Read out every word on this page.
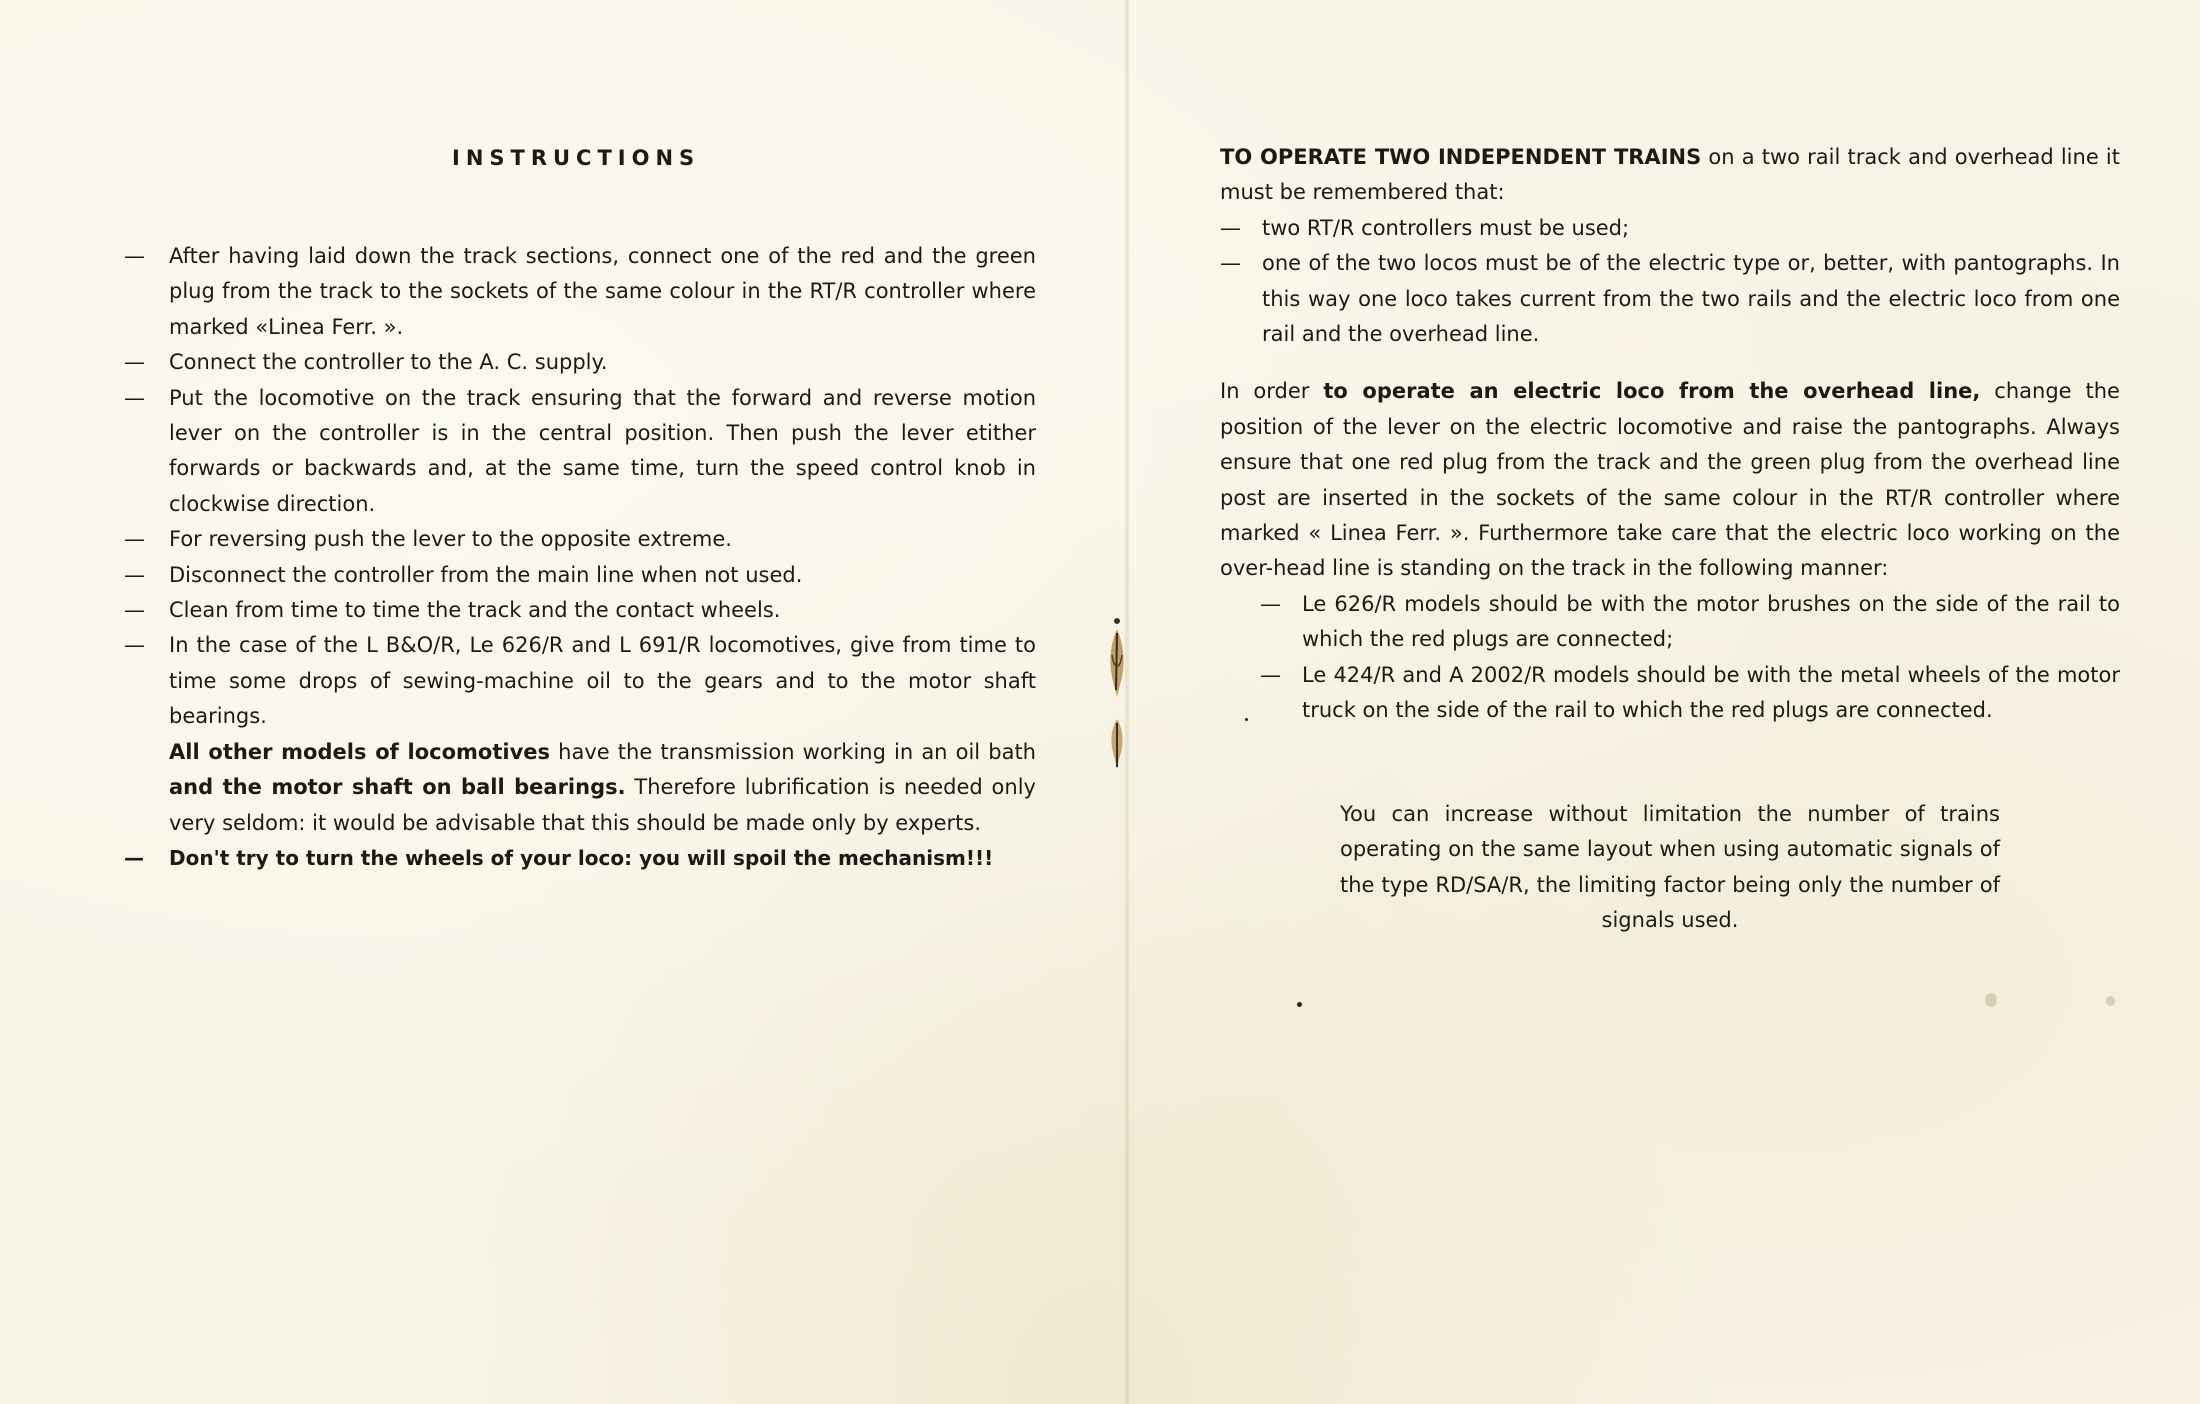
INSTRUCTIONS
— After having laid down the track sections, connect one of the red and the green plug from the track to the sockets of the same colour in the RT/R controller where marked «Linea Ferr. ».
— Connect the controller to the A. C. supply.
— Put the locomotive on the track ensuring that the forward and reverse motion lever on the controller is in the central position. Then push the lever etither forwards or backwards and, at the same time, turn the speed control knob in clockwise direction.
— For reversing push the lever to the opposite extreme.
— Disconnect the controller from the main line when not used.
— Clean from time to time the track and the contact wheels.
— In the case of the L B&O/R, Le 626/R and L 691/R locomotives, give from time to time some drops of sewing-machine oil to the gears and to the motor shaft bearings.
All other models of locomotives have the transmission working in an oil bath and the motor shaft on ball bearings. Therefore lubrification is needed only very seldom: it would be advisable that this should be made only by experts.
— Don't try to turn the wheels of your loco: you will spoil the mechanism!!!
TO OPERATE TWO INDEPENDENT TRAINS on a two rail track and overhead line it must be remembered that:
— two RT/R controllers must be used;
— one of the two locos must be of the electric type or, better, with pantographs. In this way one loco takes current from the two rails and the electric loco from one rail and the overhead line.
In order to operate an electric loco from the overhead line, change the position of the lever on the electric locomotive and raise the pantographs. Always ensure that one red plug from the track and the green plug from the overhead line post are inserted in the sockets of the same colour in the RT/R controller where marked « Linea Ferr. ». Furthermore take care that the electric loco working on the over-head line is standing on the track in the following manner:
— Le 626/R models should be with the motor brushes on the side of the rail to which the red plugs are connected;
— Le 424/R and A 2002/R models should be with the metal wheels of the motor truck on the side of the rail to which the red plugs are connected.
You can increase without limitation the number of trains operating on the same layout when using automatic signals of the type RD/SA/R, the limiting factor being only the number of signals used.
